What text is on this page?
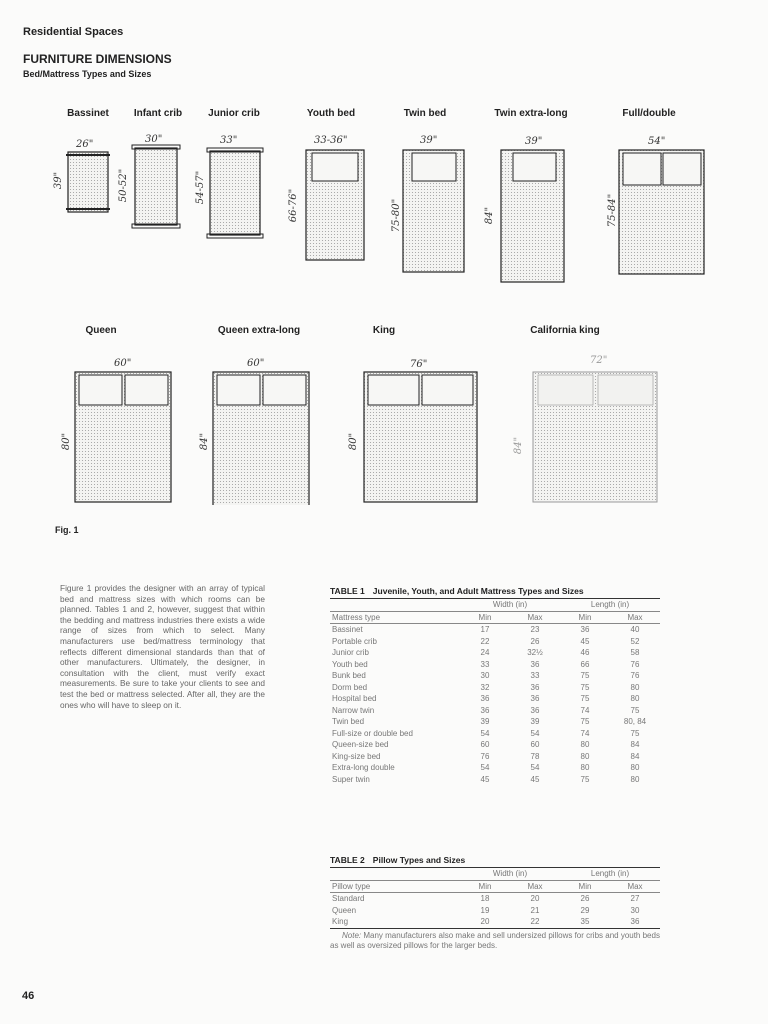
Residential Spaces
FURNITURE DIMENSIONS
Bed/Mattress Types and Sizes
Bassinet Infant crib	Junior crib	Youth bed	Twin bed	Twin extra-long	Full/double
26"
39"
30"
50-52"
33"
54-57"
33-36"
66-76"
39"
75-80"
39"
84"
54"
75-84"
Queen	Queen extra-long	King	California king
60"
80"
60"
84"
76"
80"
72"
84"
Fig. 1
Figure 1 provides the designer with an array of typical bed and mattress sizes with which rooms can be planned. Tables 1 and 2, however, suggest that within the bedding and mattress industries there exists a wide range of sizes from which to select. Many manufacturers use bed/mattress terminology that reflects different dimensional standards than that of other manufacturers. Ultimately, the designer, in consultation with the client, must verify exact measurements. Be sure to take your clients to see and test the bed or mattress selected. After all, they are the ones who will have to sleep on it.
TABLE 1 Juvenile, Youth, and Adult Mattress Types and Sizes
	Width (in)		Length (in)	
Mattress type	Min	Max	Min	Max
Bassinet	17	23	36	40
Portable crib	22	26	45	52
Junior crib	24	32½	46	58
Youth bed	33	36	66	76
Bunk bed	30	33	75	76
Dorm bed	32	36	75	80
Hospital bed	36	36	75	80
Narrow twin	36	36	74	75
Twin bed	39	39	75	80, 84
Full-size or double bed	54	54	74	75
Queen-size bed	60	60	80	84
King-size bed	76	78	80	84
Extra-long double	54	54	80	80
Super twin	45	45	75	80
TABLE 2 Pillow Types and Sizes
	Width (in)		Length (in)	
Pillow type	Min	Max	Min	Max
Standard	18	20	26	27
Queen	19	21	29	30
King	20	22	35	36
Note: Many manufacturers also make and sell undersized pillows for cribs and youth beds as well as oversized pillows for the larger beds.
46
